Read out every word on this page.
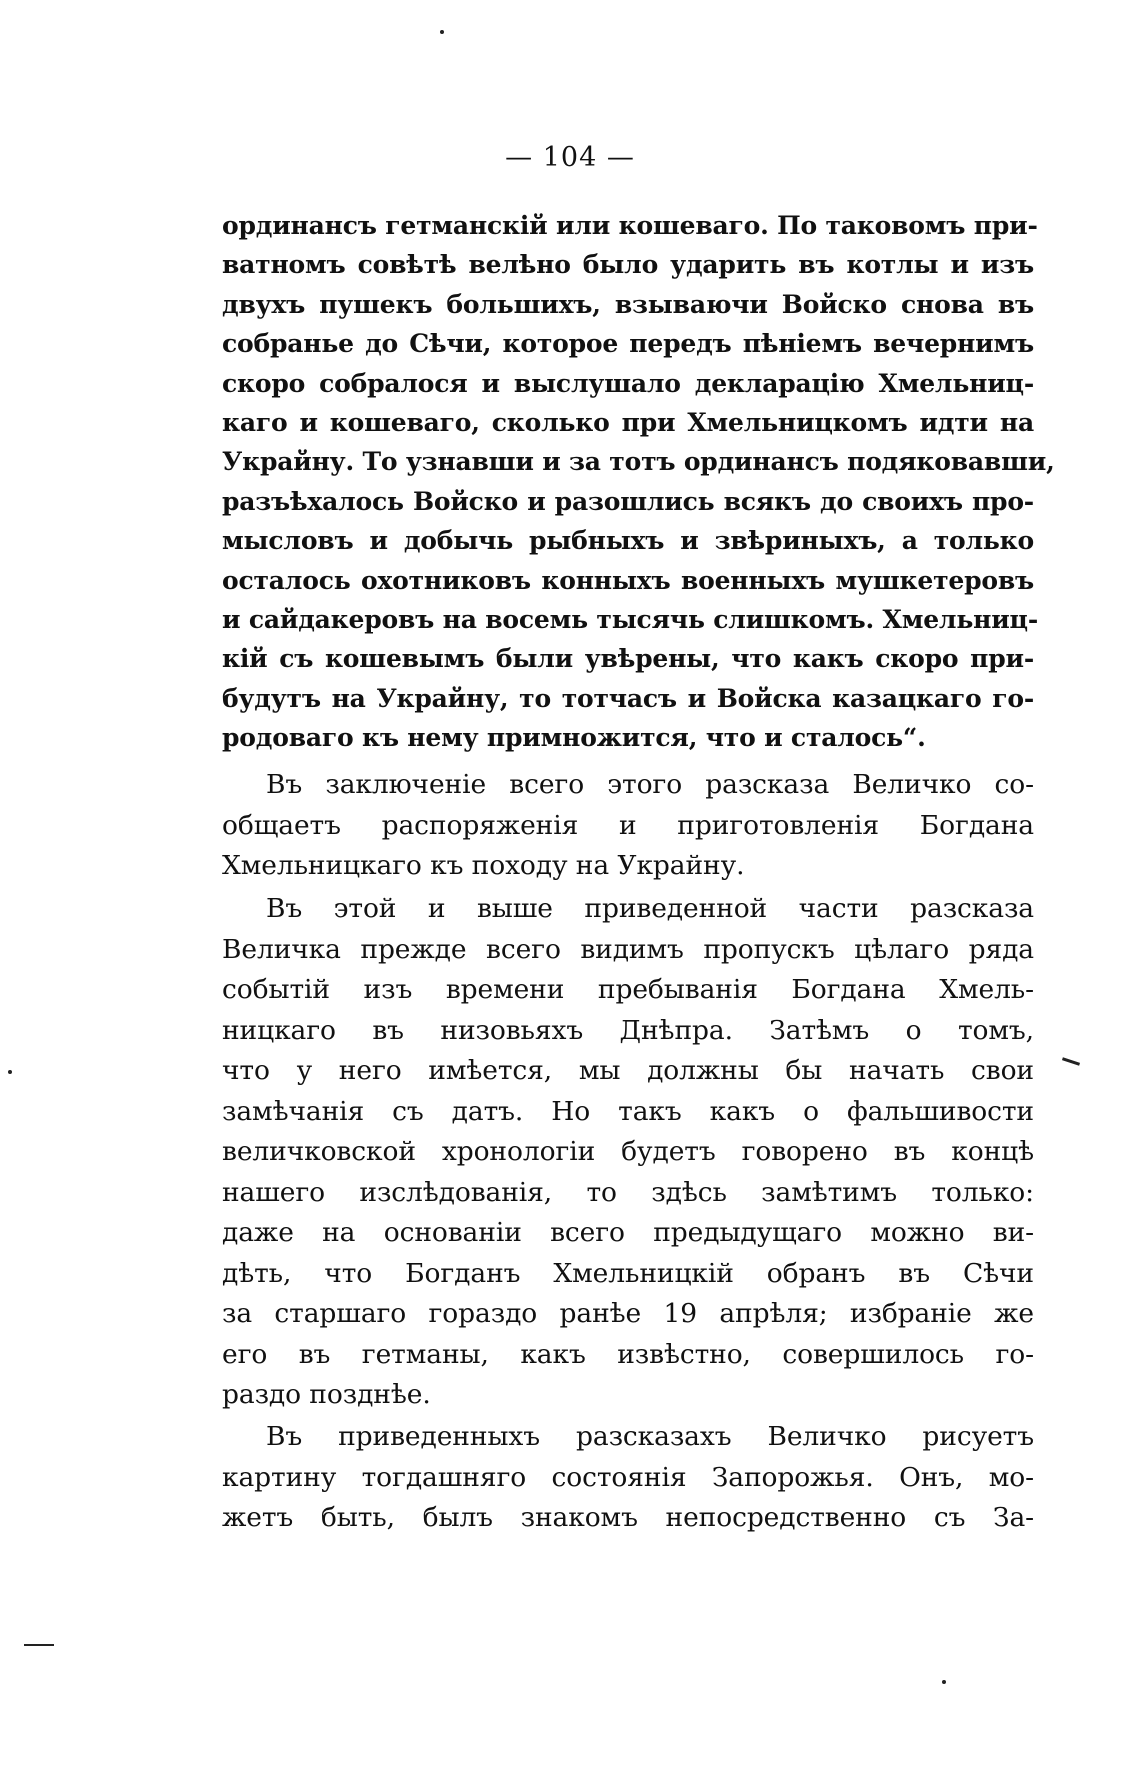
— 104 —
ординансъ гетманскій или кошеваго. По таковомъ при-
ватномъ совѣтѣ велѣно было ударить въ котлы и изъ
двухъ пушекъ большихъ, взываючи Войско снова въ
собранье до Сѣчи, которое передъ пѣніемъ вечернимъ
скоро собралося и выслушало декларацію Хмельниц-
каго и кошеваго, сколько при Хмельницкомъ идти на
Украйну. То узнавши и за тотъ ординансъ подяковавши,
разъѣхалось Войско и разошлись всякъ до своихъ про-
мысловъ и добычь рыбныхъ и звѣриныхъ, а только
осталось охотниковъ конныхъ военныхъ мушкетеровъ
и сайдакеровъ на восемь тысячь слишкомъ. Хмельниц-
кій съ кошевымъ были увѣрены, что какъ скоро при-
будутъ на Украйну, то тотчасъ и Войска казацкаго го-
родоваго къ нему примножится, что и сталось“.
Въ заключеніе всего этого разсказа Величко со-
общаетъ распоряженія и приготовленія Богдана
Хмельницкаго къ походу на Украйну.
Въ этой и выше приведенной части разсказа
Величка прежде всего видимъ пропускъ цѣлаго ряда
событій изъ времени пребыванія Богдана Хмель-
ницкаго въ низовьяхъ Днѣпра. Затѣмъ о томъ,
что у него имѣется, мы должны бы начать свои
замѣчанія съ датъ. Но такъ какъ о фальшивости
величковской хронологіи будетъ говорено въ концѣ
нашего изслѣдованія, то здѣсь замѣтимъ только:
даже на основаніи всего предыдущаго можно ви-
дѣть, что Богданъ Хмельницкій обранъ въ Сѣчи
за старшаго гораздо ранѣе 19 апрѣля; избраніе же
его въ гетманы, какъ извѣстно, совершилось го-
раздо позднѣе.
Въ приведенныхъ разсказахъ Величко рисуетъ
картину тогдашняго состоянія Запорожья. Онъ, мо-
жетъ быть, былъ знакомъ непосредственно съ За-
